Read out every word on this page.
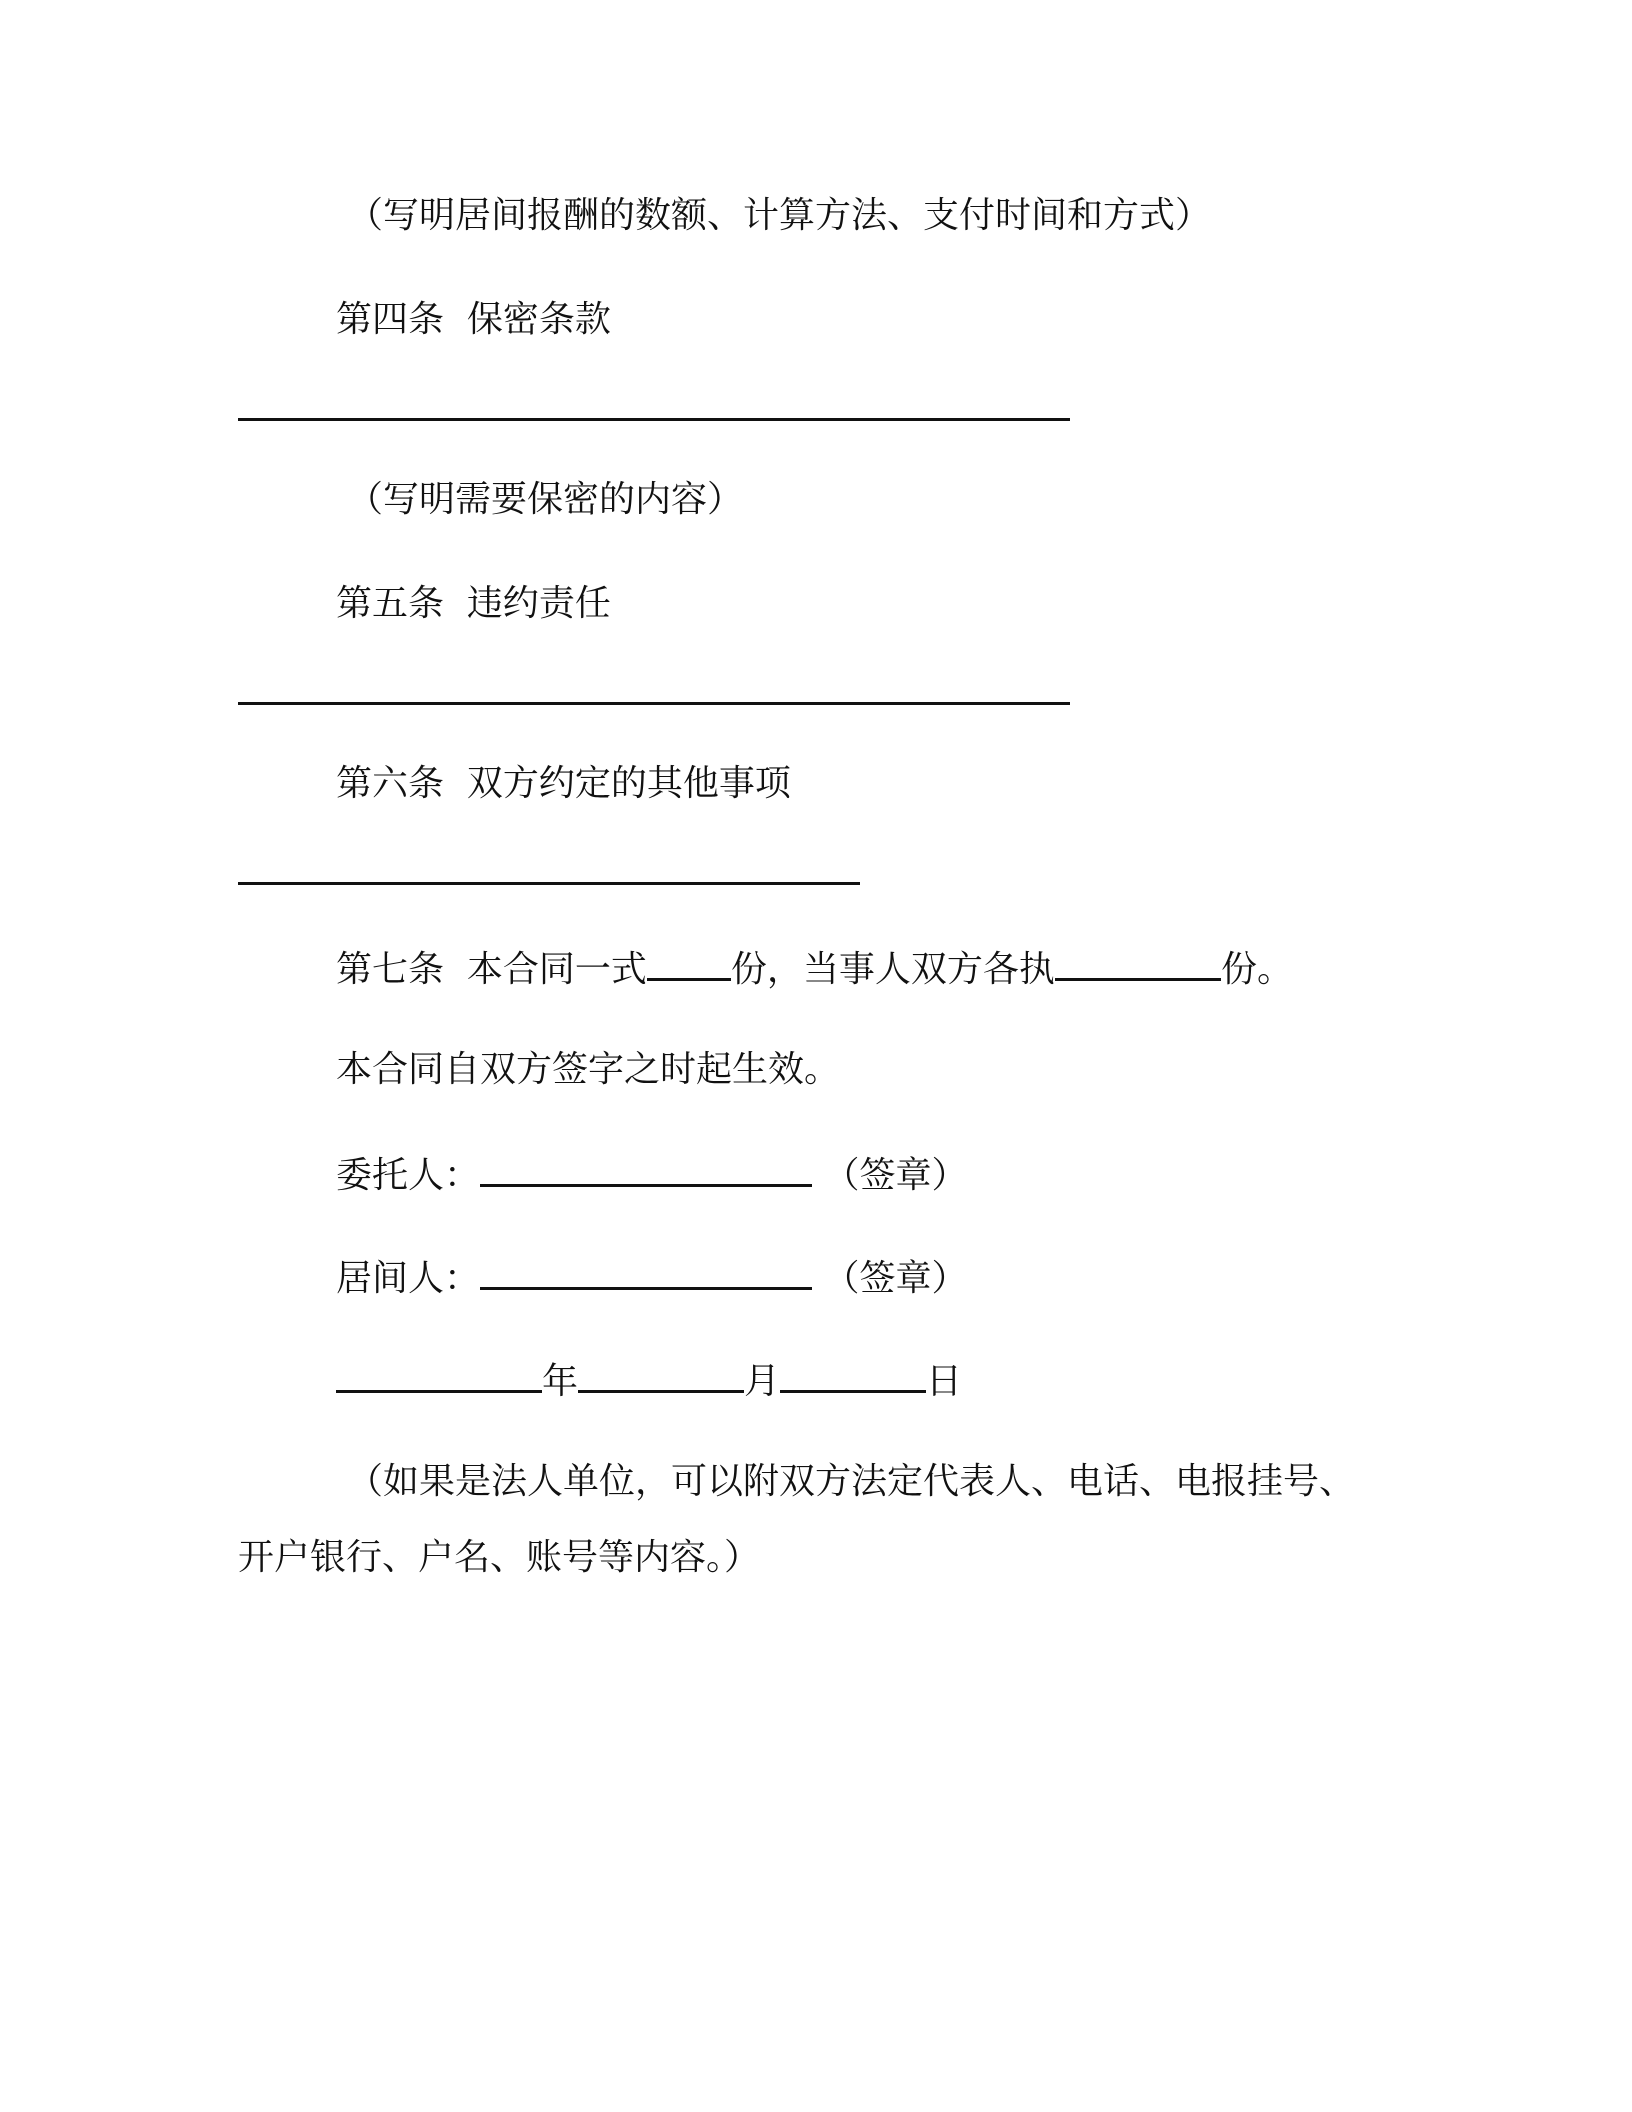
（写明居间报酬的数额、计算方法、支付时间和方式）
第四条 保密条款
（写明需要保密的内容）
第五条 违约责任
第六条 双方约定的其他事项
第七条 本合同一式 份，当事人双方各执	份。
本合同自双方签字之时起生效。
委托人：	（签章）
居间人：	（签章）
年	月	日
（如果是法人单位，可以附双方法定代表人、电话、电报挂号、
开户银行、户名、账号等内容。）
